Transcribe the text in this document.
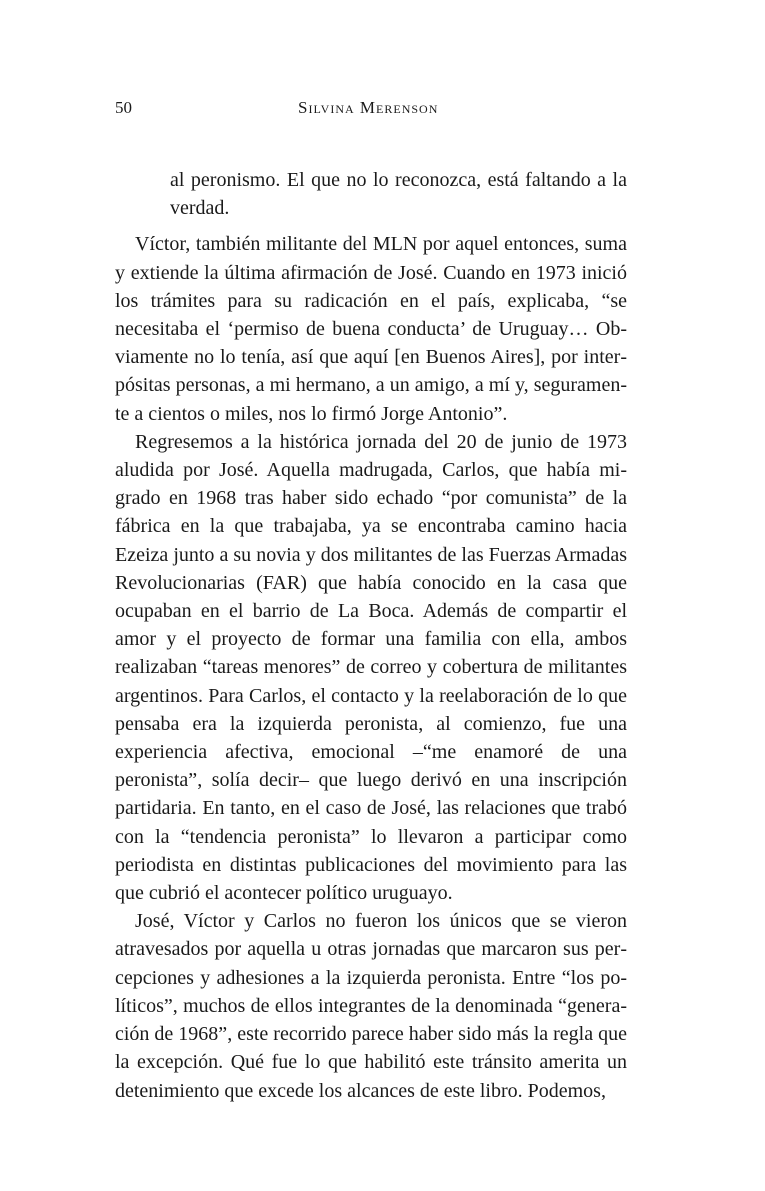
50	Silvina Merenson

al peronismo. El que no lo reconozca, está faltando a la verdad.

Víctor, también militante del MLN por aquel entonces, suma y extiende la última afirmación de José. Cuando en 1973 inició los trámites para su radicación en el país, explicaba, “se necesitaba el ‘permiso de buena conducta’ de Uruguay… Obviamente no lo tenía, así que aquí [en Buenos Aires], por interpósitas personas, a mi hermano, a un amigo, a mí y, seguramente a cientos o miles, nos lo firmó Jorge Antonio”.

Regresemos a la histórica jornada del 20 de junio de 1973 aludida por José. Aquella madrugada, Carlos, que había migrado en 1968 tras haber sido echado “por comunista” de la fábrica en la que trabajaba, ya se encontraba camino hacia Ezeiza junto a su novia y dos militantes de las Fuerzas Armadas Revolucionarias (FAR) que había conocido en la casa que ocupaban en el barrio de La Boca. Además de compartir el amor y el proyecto de formar una familia con ella, ambos realizaban “tareas menores” de correo y cobertura de militantes argentinos. Para Carlos, el contacto y la reelaboración de lo que pensaba era la izquierda peronista, al comienzo, fue una experiencia afectiva, emocional –“me enamoré de una peronista”, solía decir– que luego derivó en una inscripción partidaria. En tanto, en el caso de José, las relaciones que trabó con la “tendencia peronista” lo llevaron a participar como periodista en distintas publicaciones del movimiento para las que cubrió el acontecer político uruguayo.

José, Víctor y Carlos no fueron los únicos que se vieron atravesados por aquella u otras jornadas que marcaron sus percepciones y adhesiones a la izquierda peronista. Entre “los políticos”, muchos de ellos integrantes de la denominada “generación de 1968”, este recorrido parece haber sido más la regla que la excepción. Qué fue lo que habilitó este tránsito amerita un detenimiento que excede los alcances de este libro. Podemos,
